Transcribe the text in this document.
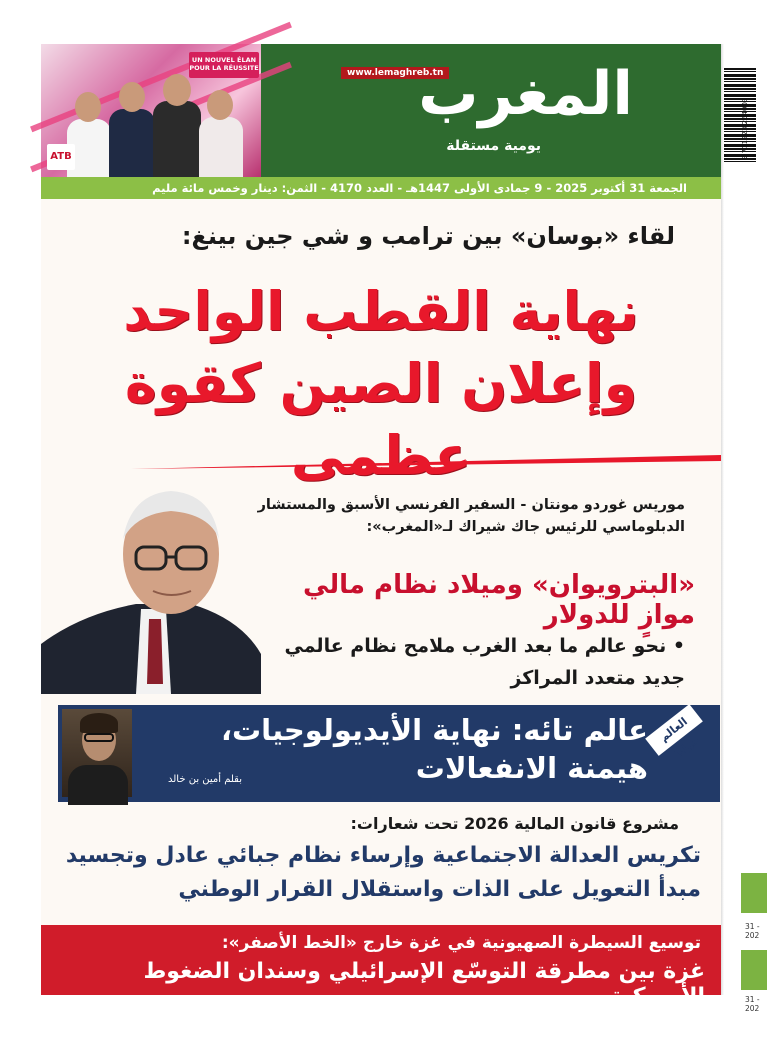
UN NOUVEL ÉLAN
POUR LA RÉUSSITE
ATB
www.lemaghreb.tn
المغرب
يومية مستقلة
الجمعة 31 أكتوبر 2025 - 9 جمادى الأولى 1447هـ - العدد 4170 - الثمن: دينار وخمس مائة مليم
لقاء «بوسان» بين ترامب و شي جين بينغ:
نهاية القطب الواحد وإعلان الصين كقوة عظمى
موريس غوردو مونتان - السفير الفرنسي الأسبق والمستشار الدبلوماسي للرئيس جاك شيراك لـ«المغرب»:
«البترويوان» وميلاد نظام مالي موازٍ للدولار
• نحو عالم ما بعد الغرب ملامح نظام عالمي جديد متعدد المراكز
عالم تائه: نهاية الأيديولوجيات، هيمنة الانفعالات
بقلم أمين بن خالد
العالم حولنا
مشروع قانون المالية 2026 تحت شعارات:
تكريس العدالة الاجتماعية وإرساء نظام جبائي عادل وتجسيد مبدأ التعويل على الذات واستقلال القرار الوطني
توسيع السيطرة الصهيونية في غزة خارج «الخط الأصفر»:
غزة بين مطرقة التوسّع الإسرائيلي وسندان الضغوط الأمريكية
9 771223 254003
31 - 202
31 - 202
